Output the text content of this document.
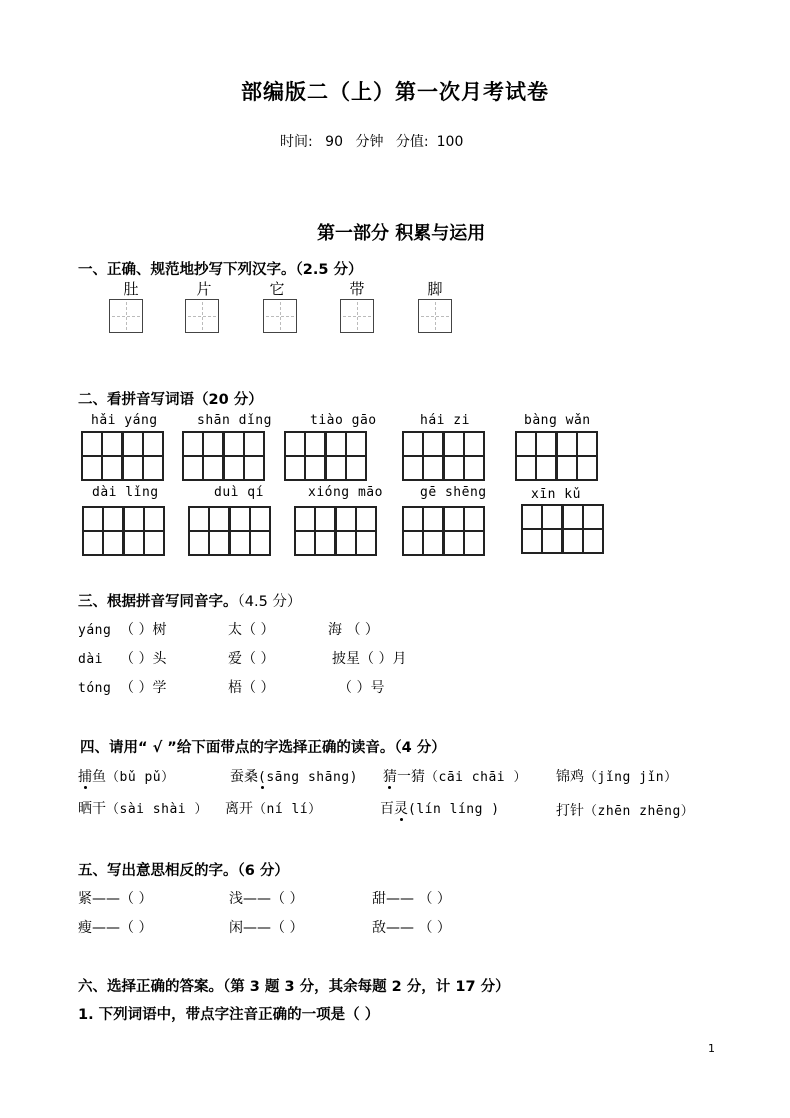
部编版二（上）第一次月考试卷
时间: 90 分钟 分值: 100
第一部分 积累与运用
一、正确、规范地抄写下列汉字。（2.5 分）
肚	片	它	带	脚
二、看拼音写词语（20 分）
hǎi yáng	shān dǐng	tiào gāo	hái zi	bàng wǎn
dài lǐng	duì qí	xióng māo	gē shēng	xīn kǔ
三、根据拼音写同音字。（4.5 分）
yáng （ ）树	太（ ）	海 （ ）
dài （ ）头	爱（ ）	披星（ ）月
tóng （ ）学	梧（ ）	（ ）号
四、请用“ √ ”给下面带点的字选择正确的读音。（4 分）
捕鱼（bǔ pǔ）	蚕桑(sāng shāng) 猜一猜（cāi chāi ） 锦鸡（jǐng jǐn）
晒干（sài shài ） 离开（ní lí）	百灵(lín líng )	打针（zhēn zhēng）
五、写出意思相反的字。（6 分）
紧——（ ）	浅——（ ）	甜—— （ ）
瘦——（ ）	闲——（ ）	敌—— （ ）
六、选择正确的答案。（第 3 题 3 分，其余每题 2 分，计 17 分）
1. 下列词语中，带点字注音正确的一项是（ ）
1
